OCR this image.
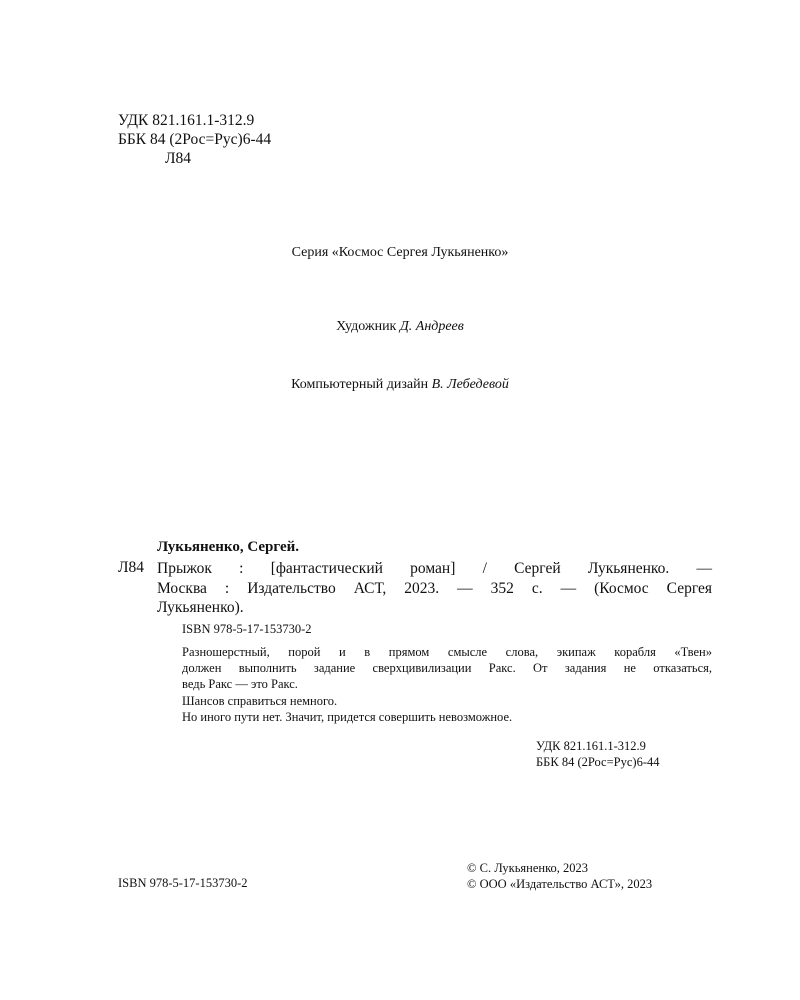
УДК 821.161.1-312.9
ББК 84 (2Рос=Рус)6-44
Л84
Серия «Космос Сергея Лукьяненко»
Художник Д. Андреев
Компьютерный дизайн В. Лебедевой
Лукьяненко, Сергей.
Л84 Прыжок : [фантастический роман] / Сергей Лукьяненко. —
Москва : Издательство АСТ, 2023. — 352 с. — (Космос Сергея
Лукьяненко).
ISBN 978-5-17-153730-2
Разношерстный, порой и в прямом смысле слова, экипаж корабля «Твен»
должен выполнить задание сверхцивилизации Ракс. От задания не отказаться,
ведь Ракс — это Ракс.
Шансов справиться немного.
Но иного пути нет. Значит, придется совершить невозможное.
УДК 821.161.1-312.9
ББК 84 (2Рос=Рус)6-44
© С. Лукьяненко, 2023
© ООО «Издательство АСТ», 2023
ISBN 978-5-17-153730-2
